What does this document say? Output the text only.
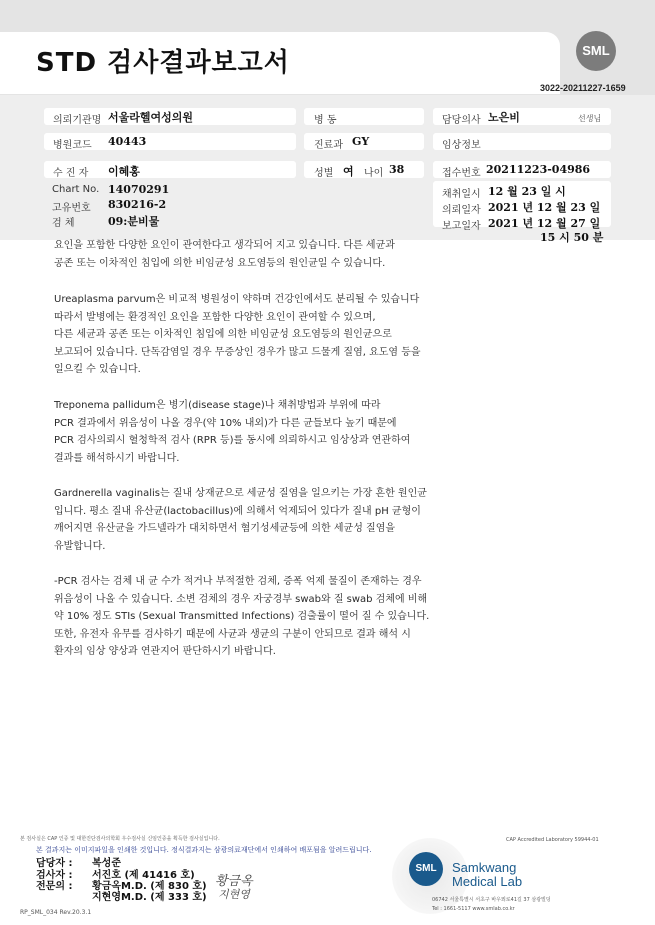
STD 검사결과보고서	SML
3022-20211227-1659
의뢰기관명 서울라헬여성의원	병 동	담당의사 노은비	선생님
병원코드 40443	진료과 GY	임상정보
수 진 자 이혜홍	성별 여 나이 38	접수번호 20211223-04986
Chart No. 14070291
고유번호 830216-2
검 체	09:분비물
채취일시 12 월 23 일 시
의뢰일자 2021 년 12 월 23 일
보고일자 2021 년 12 월 27 일
15 시 50 분
요인을 포함한 다양한 요인이 관여한다고 생각되어 지고 있습니다. 다른 세균과
공존 또는 이차적인 침입에 의한 비임균성 요도염등의 원인균일 수 있습니다.
Ureaplasma parvum은 비교적 병원성이 약하며 건강인에서도 분리될 수 있습니다
따라서 발병에는 환경적인 요인을 포함한 다양한 요인이 관여할 수 있으며,
다른 세균과 공존 또는 이차적인 침입에 의한 비임균성 요도염등의 원인균으로
보고되어 있습니다. 단독감염일 경우 무증상인 경우가 많고 드물게 질염, 요도염 등을
일으킬 수 있습니다.
Treponema pallidum은 병기(disease stage)나 채취방법과 부위에 따라
PCR 결과에서 위음성이 나올 경우(약 10% 내외)가 다른 균들보다 높기 때문에
PCR 검사의뢰시 혈청학적 검사 (RPR 등)를 동시에 의뢰하시고 임상상과 연관하여
결과를 해석하시기 바랍니다.
Gardnerella vaginalis는 질내 상재균으로 세균성 질염을 일으키는 가장 흔한 원인균
입니다. 평소 질내 유산균(lactobacillus)에 의해서 억제되어 있다가 질내 pH 균형이
깨어지면 유산균을 가드넬라가 대치하면서 혐기성세균등에 의한 세균성 질염을
유발합니다.
-PCR 검사는 검체 내 균 수가 적거나 부적절한 검체, 증폭 억제 물질이 존재하는 경우
위음성이 나올 수 있습니다. 소변 검체의 경우 자궁경부 swab와 질 swab 검체에 비해
약 10% 정도 STIs (Sexual Transmitted Infections) 검출률이 떨어 질 수 있습니다.
또한, 유전자 유무를 검사하기 때문에 사균과 생균의 구분이 안되므로 결과 해석 시
환자의 임상 양상과 연관지어 판단하시기 바랍니다.
본 검사실은 CAP 인증 및 대한진단검사의학회 우수검사실 신임인증을 획득한 검사실입니다.	CAP Accredited Laboratory 59944-01
본 결과지는 이미지파일을 인쇄한 것입니다. 정식결과지는 삼광의료재단에서 인쇄하여 배포됨을 알려드립니다.
담당자 : 복성준
검사자 : 서진호 (제 41416 호)
전문의 : 황금옥M.D. (제 830 호)
지현영M.D. (제 333 호)
황금옥
지현영
SML	Samkwang
Medical Lab
06742 서울특별시 서초구 바우뫼로41길 37 삼광빌딩
Tel : 1661-5117 www.smlab.co.kr
RP_SML_034 Rev.20.3.1
